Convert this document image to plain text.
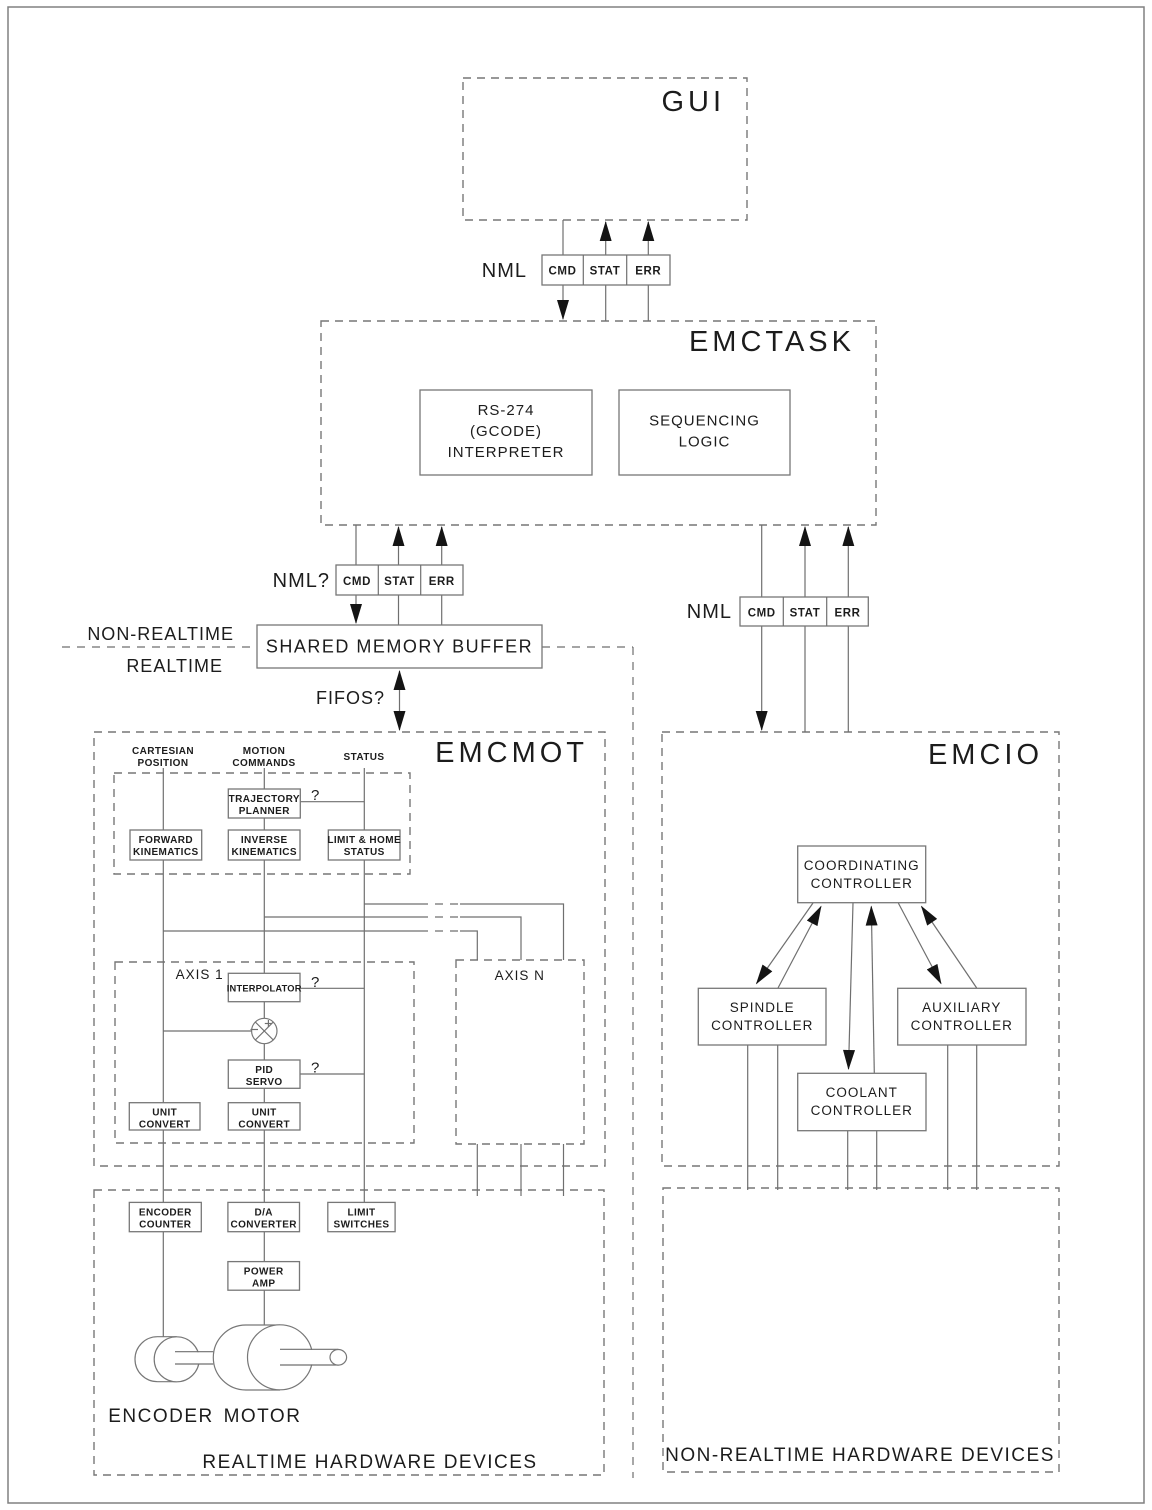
GUI
NML CMD STAT ERR
EMCTASK
RS-274
(GCODE)
INTERPRETER
SEQUENCING
LOGIC
NML? CMD STAT ERR
NML CMD STAT ERR
NON-REALTIME
REALTIME
SHARED MEMORY BUFFER
FIFOS?
EMCMOT
CARTESIAN
POSITION
MOTION
COMMANDS
STATUS
TRAJECTORY
PLANNER
FORWARD
KINEMATICS
INVERSE
KINEMATICS
LIMIT & HOME
STATUS
?
AXIS 1	AXIS N
INTERPOLATOR ?
PID
SERVO
?
UNIT
CONVERT
UNIT
CONVERT
EMCIO
COORDINATING
CONTROLLER
SPINDLE
CONTROLLER
AUXILIARY
CONTROLLER
COOLANT
CONTROLLER
ENCODER
COUNTER
D/A
CONVERTER
LIMIT
SWITCHES
POWER
AMP
ENCODER MOTOR
REALTIME HARDWARE DEVICES	NON-REALTIME HARDWARE DEVICES
